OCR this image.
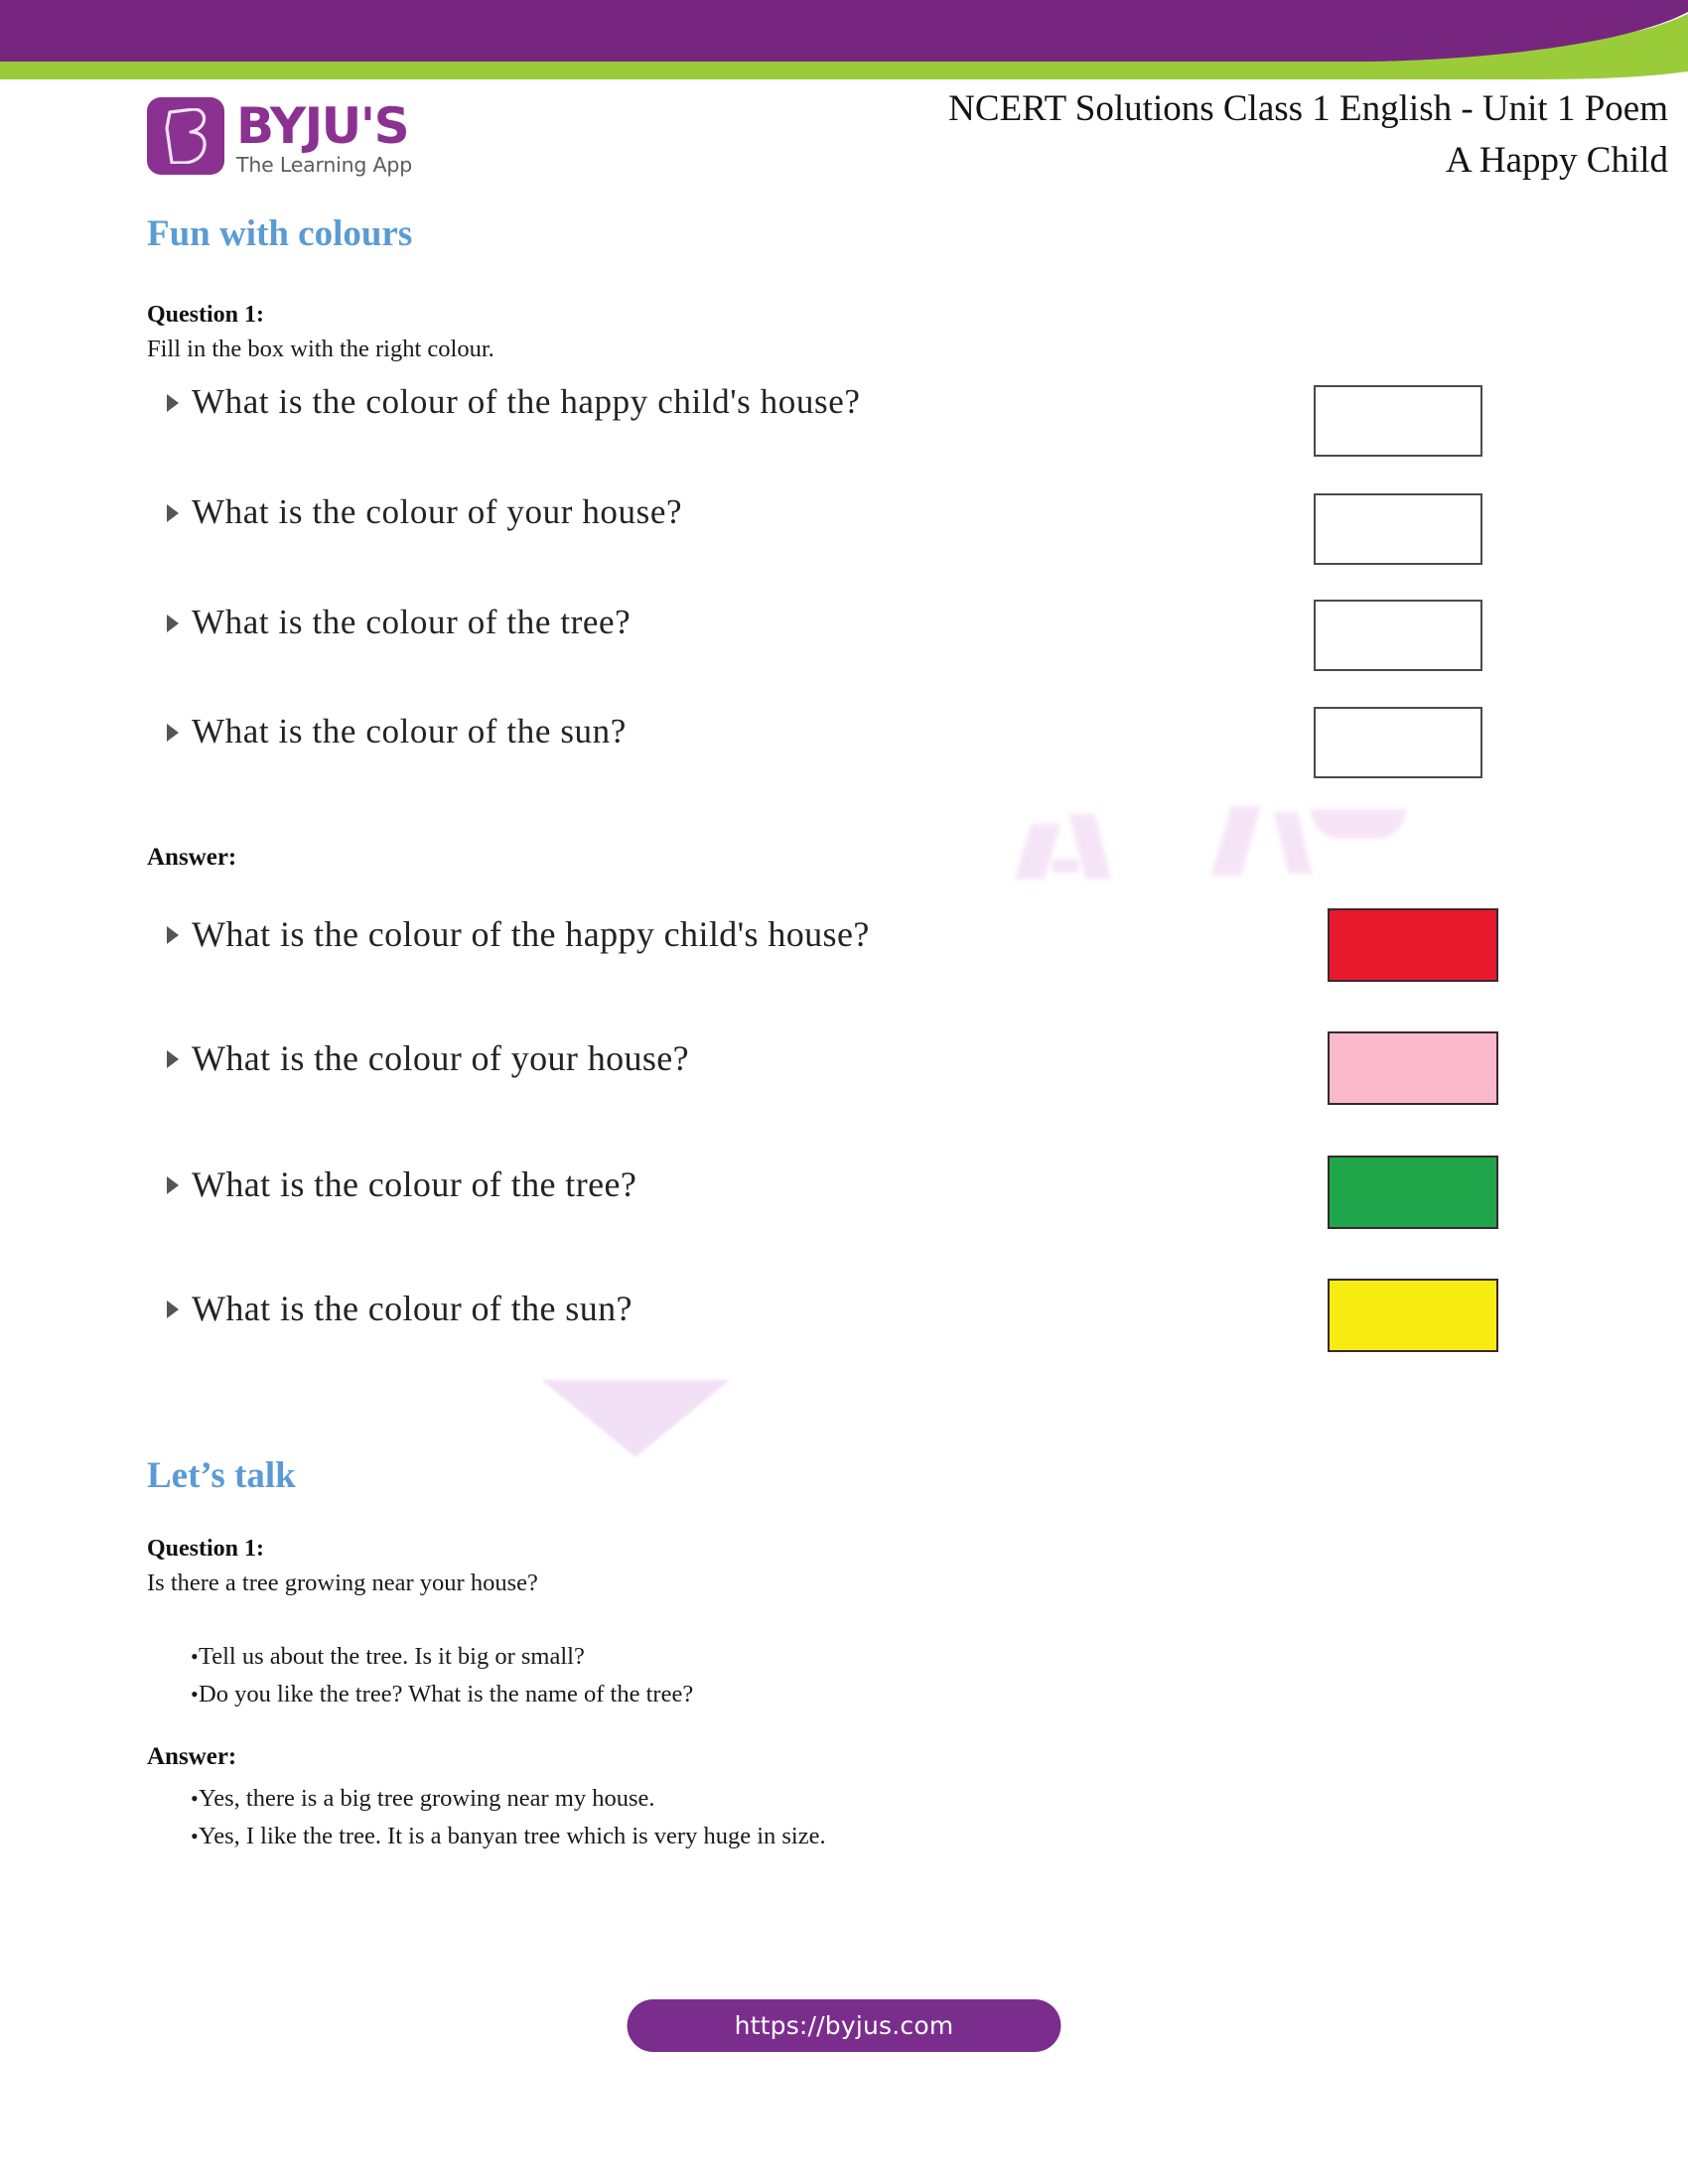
BYJU'S
The Learning App
NCERT Solutions Class 1 English - Unit 1 Poem
A Happy Child
Fun with colours
Question 1:
Fill in the box with the right colour.
What is the colour of the happy child's house?
What is the colour of your house?
What is the colour of the tree?
What is the colour of the sun?
Answer:
What is the colour of the happy child's house?
What is the colour of your house?
What is the colour of the tree?
What is the colour of the sun?
Let’s talk
Question 1:
Is there a tree growing near your house?
• Tell us about the tree. Is it big or small?
• Do you like the tree? What is the name of the tree?
Answer:
• Yes, there is a big tree growing near my house.
• Yes, I like the tree. It is a banyan tree which is very huge in size.
https://byjus.com
